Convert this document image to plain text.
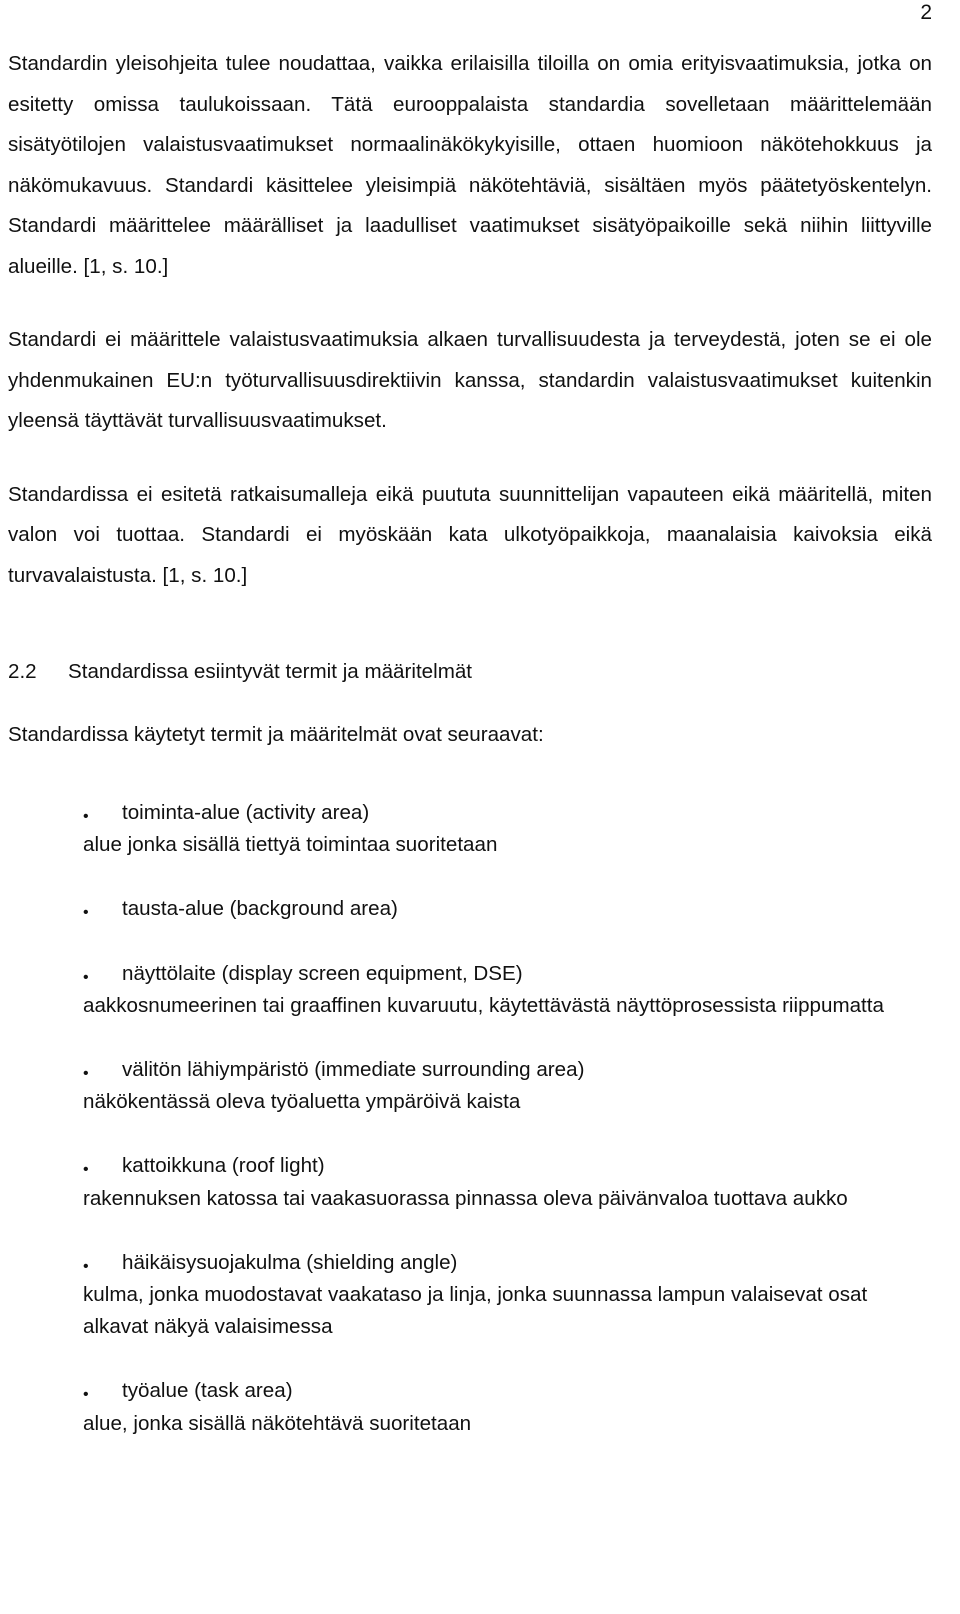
2

Standardin yleisohjeita tulee noudattaa, vaikka erilaisilla tiloilla on omia erityisvaatimuksia, jotka on esitetty omissa taulukoissaan. Tätä eurooppalaista standardia sovelletaan määrittelemään sisätyötilojen valaistusvaatimukset normaalinäkökykyisille, ottaen huomioon näkötehokkuus ja näkömukavuus. Standardi käsittelee yleisimpiä näkötehtäviä, sisältäen myös päätetyöskentelyn. Standardi määrittelee määrälliset ja laadulliset vaatimukset sisätyöpaikoille sekä niihin liittyville alueille. [1, s. 10.]

Standardi ei määrittele valaistusvaatimuksia alkaen turvallisuudesta ja terveydestä, joten se ei ole yhdenmukainen EU:n työturvallisuusdirektiivin kanssa, standardin valaistusvaatimukset kuitenkin yleensä täyttävät turvallisuusvaatimukset.

Standardissa ei esitetä ratkaisumalleja eikä puututa suunnittelijan vapauteen eikä määritellä, miten valon voi tuottaa. Standardi ei myöskään kata ulkotyöpaikkoja, maanalaisia kaivoksia eikä turvavalaistusta. [1, s. 10.]

2.2	Standardissa esiintyvät termit ja määritelmät

Standardissa käytetyt termit ja määritelmät ovat seuraavat:

• toiminta-alue (activity area)
alue jonka sisällä tiettyä toimintaa suoritetaan
• tausta-alue (background area)
• näyttölaite (display screen equipment, DSE)
aakkosnumeerinen tai graaffinen kuvaruutu, käytettävästä näyttöprosessista riippumatta
• välitön lähiympäristö (immediate surrounding area)
näkökentässä oleva työaluetta ympäröivä kaista
• kattoikkuna (roof light)
rakennuksen katossa tai vaakasuorassa pinnassa oleva päivänvaloa tuottava aukko
• häikäisysuojakulma (shielding angle)
kulma, jonka muodostavat vaakataso ja linja, jonka suunnassa lampun valaisevat osat alkavat näkyä valaisimessa
• työalue (task area)
alue, jonka sisällä näkötehtävä suoritetaan
